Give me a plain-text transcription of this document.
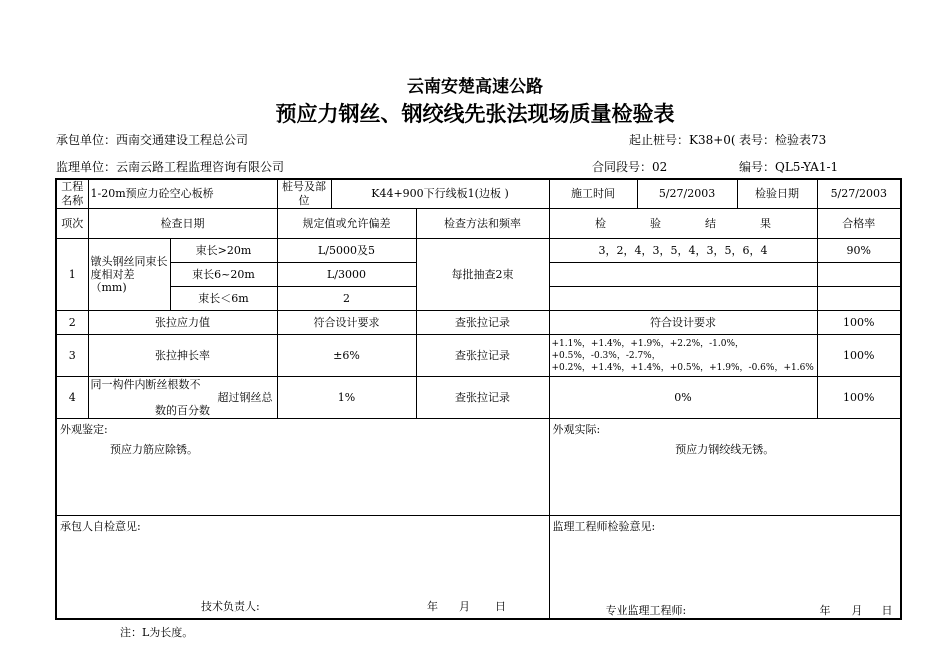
云南安楚高速公路
预应力钢丝、钢绞线先张法现场质量检验表
承包单位：西南交通建设工程总公司	起止桩号：K38+0( 表号：检验表73
监理单位：云南云路工程监理咨询有限公司	合同段号：02	编号：QL5-YA1-1
工程名称	1-20m预应力砼空心板桥		桩号及部位	K44+900下行线板1(边板 )		施工时间	5/27/2003	检验日期	5/27/2003
项次	检查日期		规定值或允许偏差		检查方法和频率	检　　　　验　　　　结　　　　果			合格率
1	镦头钢丝同束长度相对差（mm)	束长>20m	L/5000及5		每批抽查2束	3，2，4，3，5，4，3，5，6，4			90%
		束长6~20m	L/3000						
		束长＜6m	2						
2	张拉应力值		符合设计要求		查张拉记录	符合设计要求			100%
3	张拉抻长率		±6%		查张拉记录	+1.1%，+1.4%，+1.9%，+2.2%，-1.0%，+0.5%，-0.3%，-2.7%，
+0.2%，+1.4%，+1.4%，+0.5%，+1.9%，-0.6%，+1.6%			100%
4	同一构件内断丝根数不
超过钢丝总
数的百分数		1%		查张拉记录	0%			100%
外观鉴定:
预应力筋应除锈。						外观实际:
预应力钢绞线无锈。			

承包人自检意见:
技术负责人: 年 月 日						监理工程师检验意见:
专业监理工程师: 年 月 日			
注：L为长度。
